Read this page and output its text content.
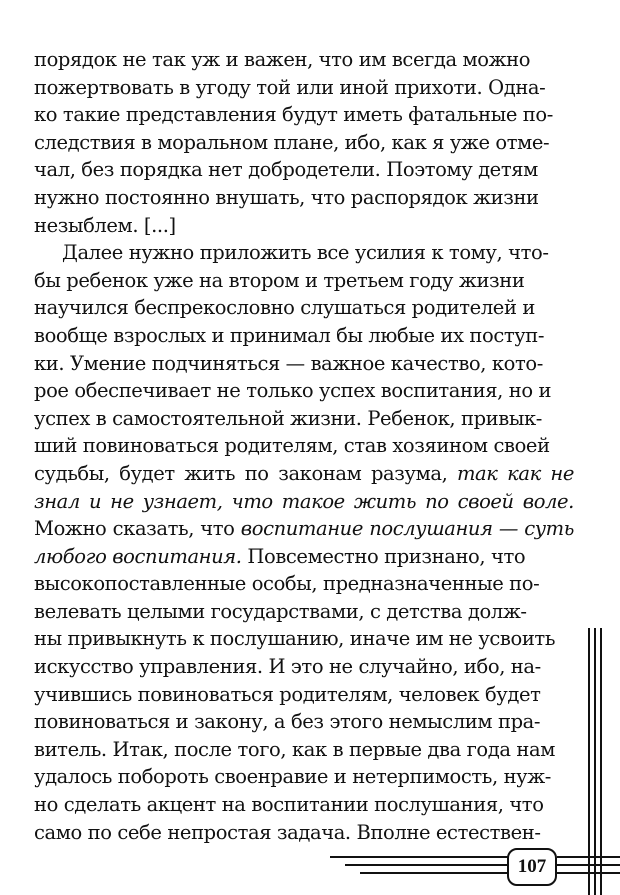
порядок не так уж и важен, что им всегда можно
пожертвовать в угоду той или иной прихоти. Одна-
ко такие представления будут иметь фатальные по-
следствия в моральном плане, ибо, как я уже отме-
чал, без порядка нет добродетели. Поэтому детям
нужно постоянно внушать, что распорядок жизни
незыблем. [...]

Далее нужно приложить все усилия к тому, что-
бы ребенок уже на втором и третьем году жизни
научился беспрекословно слушаться родителей и
вообще взрослых и принимал бы любые их поступ-
ки. Умение подчиняться — важное качество, кото-
рое обеспечивает не только успех воспитания, но и
успех в самостоятельной жизни. Ребенок, привык-
ший повиноваться родителям, став хозяином своей
судьбы, будет жить по законам разума, так как не знал и не узнает, что такое жить по своей воле. Можно сказать, что воспитание послушания — суть любого воспитания. Повсеместно признано, что
высокопоставленные особы, предназначенные по-
велевать целыми государствами, с детства долж-
ны привыкнуть к послушанию, иначе им не усвоить
искусство управления. И это не случайно, ибо, на-
учившись повиноваться родителям, человек будет
повиноваться и закону, а без этого немыслим пра-
витель. Итак, после того, как в первые два года нам
удалось побороть своенравие и нетерпимость, нуж-
но сделать акцент на воспитании послушания, что
само по себе непростая задача. Вполне естествен-

107
